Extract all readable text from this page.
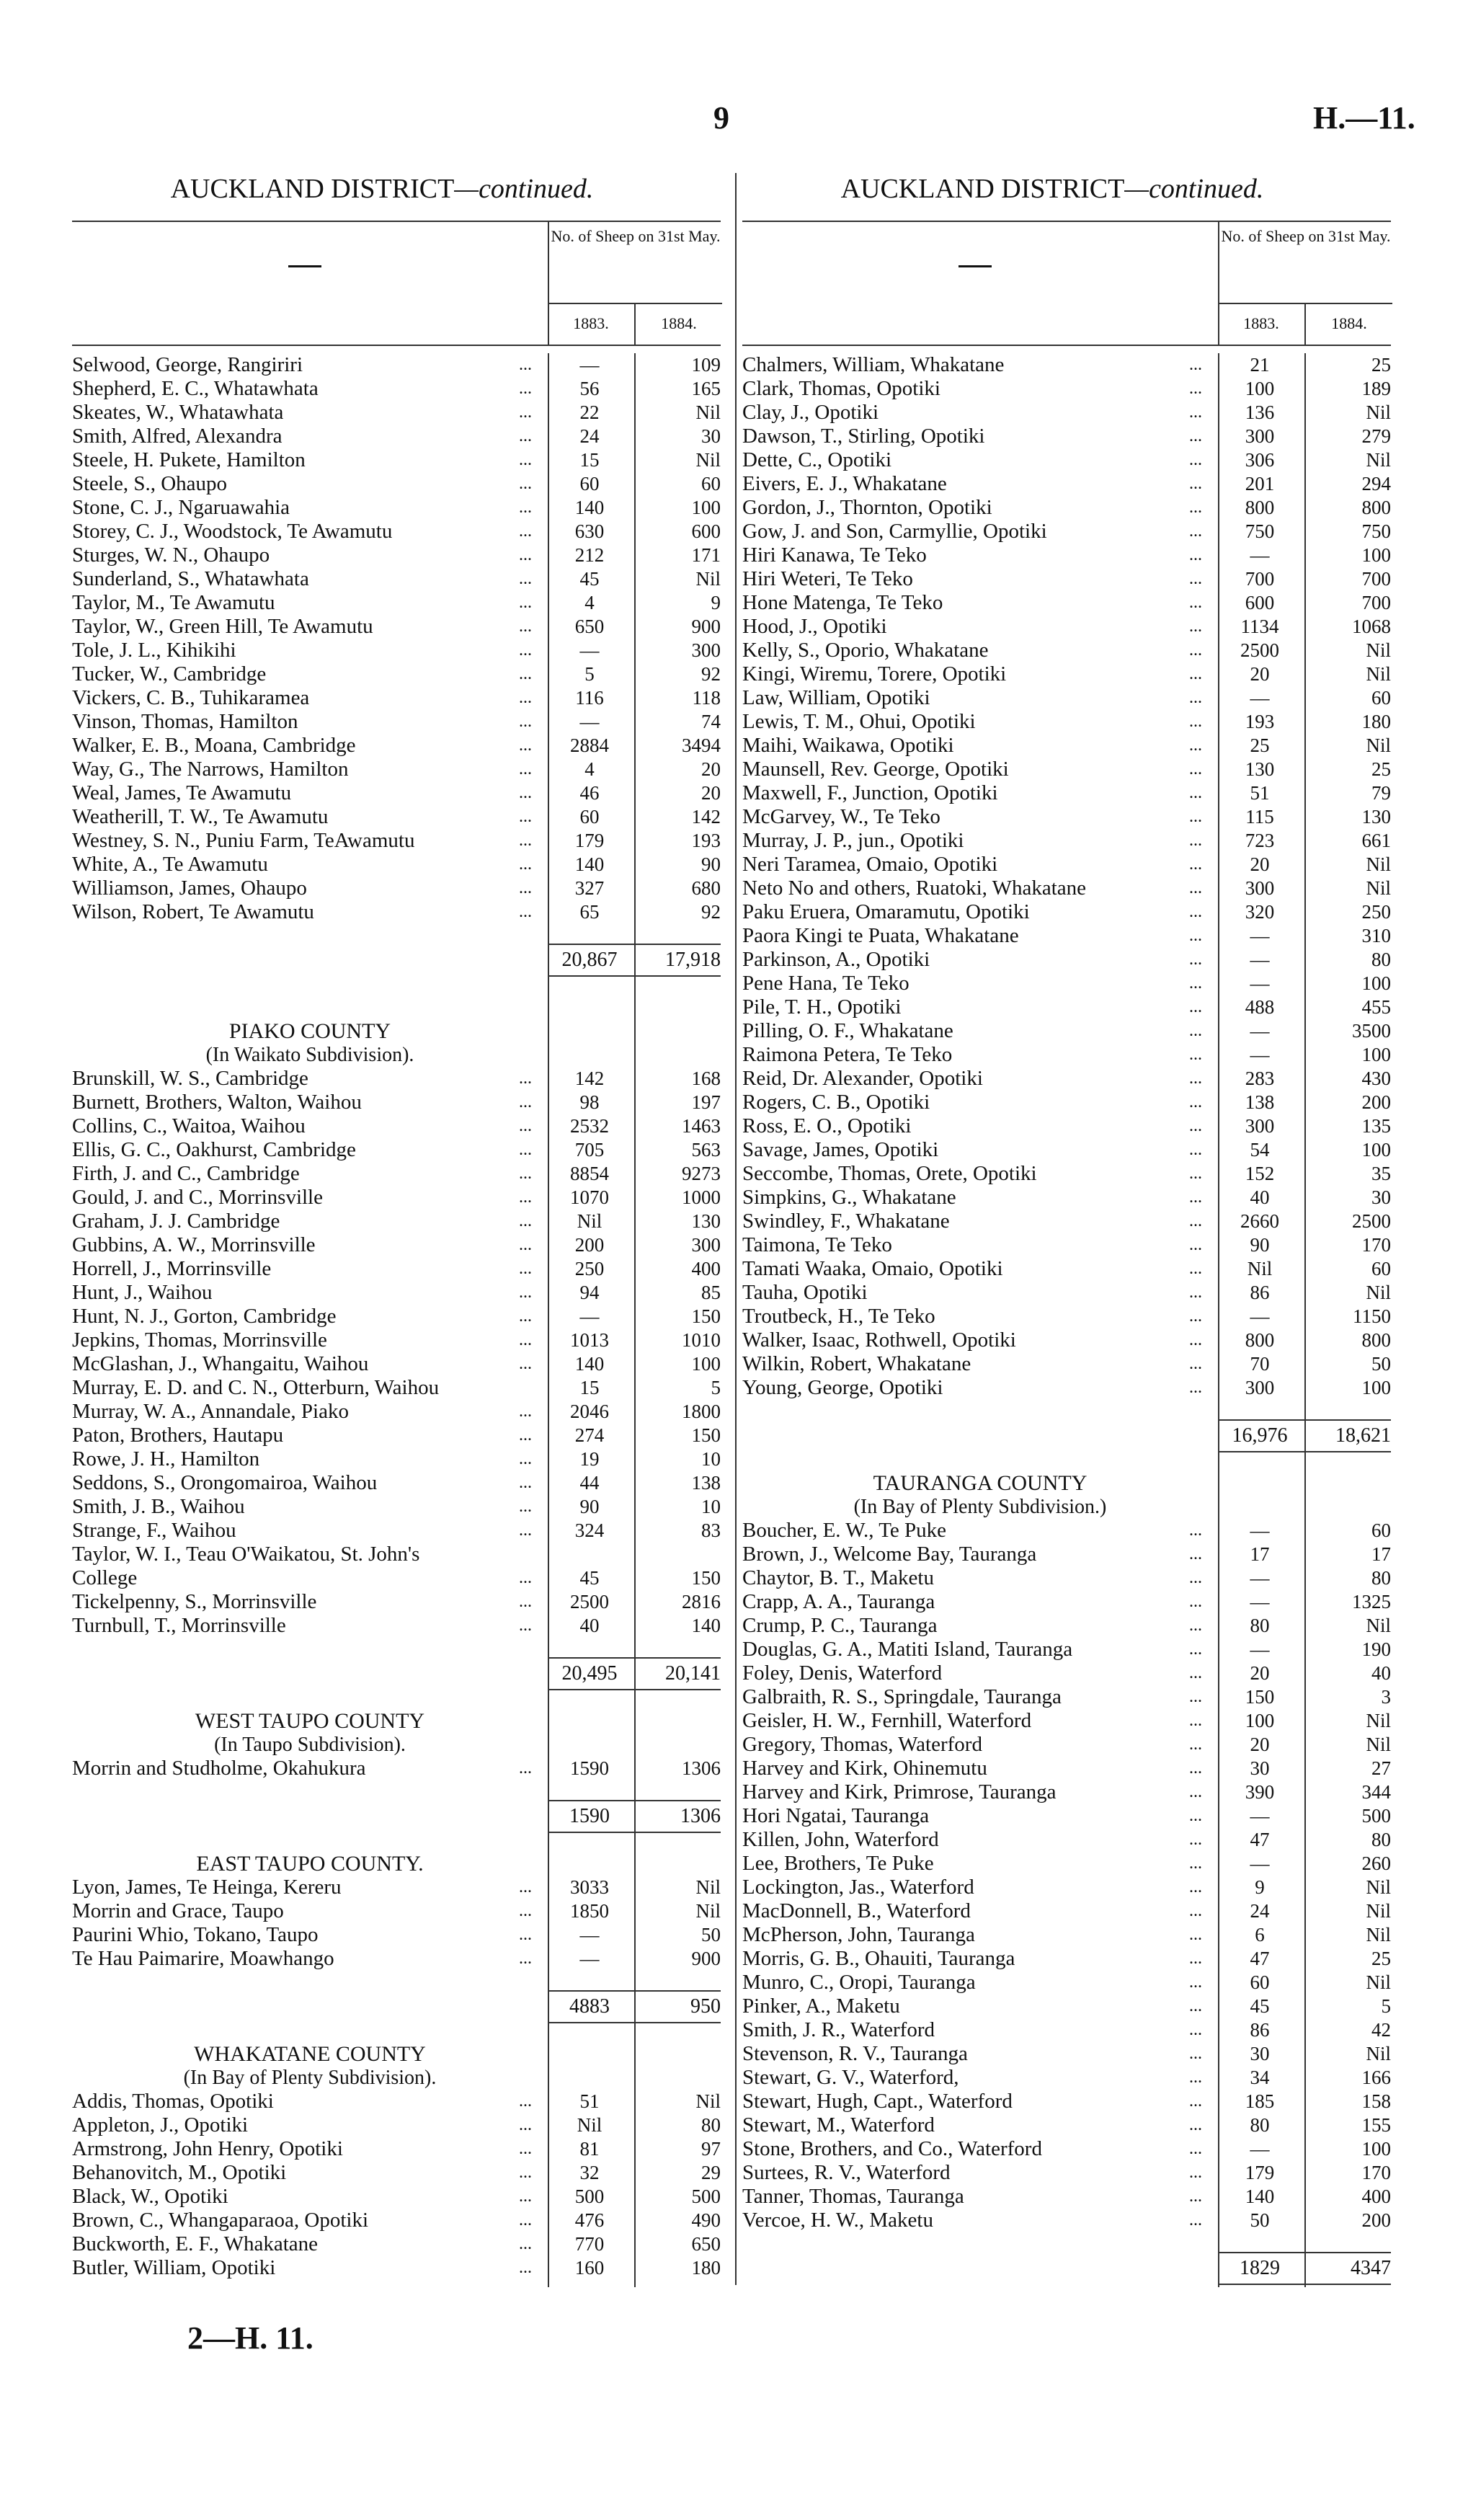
9	H.—11.
AUCKLAND DISTRICT—continued.
No. of Sheep on 31st May.
1883.	1884.
Selwood, George, Rangiriri	...	—	109
Shepherd, E. C., Whatawhata	...	56	165
Skeates, W., Whatawhata	...	22	Nil
Smith, Alfred, Alexandra	...	24	30
Steele, H. Pukete, Hamilton	...	15	Nil
Steele, S., Ohaupo	...	60	60
Stone, C. J., Ngaruawahia	...	140	100
Storey, C. J., Woodstock, Te Awamutu	...	630	600
Sturges, W. N., Ohaupo	...	212	171
Sunderland, S., Whatawhata	...	45	Nil
Taylor, M., Te Awamutu	...	4	9
Taylor, W., Green Hill, Te Awamutu	...	650	900
Tole, J. L., Kihikihi	...	—	300
Tucker, W., Cambridge	...	5	92
Vickers, C. B., Tuhikaramea	...	116	118
Vinson, Thomas, Hamilton	...	—	74
Walker, E. B., Moana, Cambridge	...	2884	3494
Way, G., The Narrows, Hamilton	...	4	20
Weal, James, Te Awamutu	...	46	20
Weatherill, T. W., Te Awamutu	...	60	142
Westney, S. N., Puniu Farm, TeAwamutu	...	179	193
White, A., Te Awamutu	...	140	90
Williamson, James, Ohaupo	...	327	680
Wilson, Robert, Te Awamutu	...	65	92
20,867	17,918
PIAKO COUNTY
(In Waikato Subdivision).
Brunskill, W. S., Cambridge	...	142	168
Burnett, Brothers, Walton, Waihou	...	98	197
Collins, C., Waitoa, Waihou	...	2532	1463
Ellis, G. C., Oakhurst, Cambridge	...	705	563
Firth, J. and C., Cambridge	...	8854	9273
Gould, J. and C., Morrinsville	...	1070	1000
Graham, J. J. Cambridge	...	Nil	130
Gubbins, A. W., Morrinsville	...	200	300
Horrell, J., Morrinsville	...	250	400
Hunt, J., Waihou	...	94	85
Hunt, N. J., Gorton, Cambridge	...	—	150
Jepkins, Thomas, Morrinsville	...	1013	1010
McGlashan, J., Whangaitu, Waihou	...	140	100
Murray, E. D. and C. N., Otterburn, Waihou	15	5
Murray, W. A., Annandale, Piako	...	2046	1800
Paton, Brothers, Hautapu	...	274	150
Rowe, J. H., Hamilton	...	19	10
Seddons, S., Orongomairoa, Waihou	...	44	138
Smith, J. B., Waihou	...	90	10
Strange, F., Waihou	...	324	83
Taylor, W. I., Teau O'Waikatou, St. John's
College	...	45	150
Tickelpenny, S., Morrinsville	...	2500	2816
Turnbull, T., Morrinsville	...	40	140
20,495	20,141
WEST TAUPO COUNTY
(In Taupo Subdivision).
Morrin and Studholme, Okahukura	...	1590	1306
1590	1306
EAST TAUPO COUNTY.
Lyon, James, Te Heinga, Kereru	...	3033	Nil
Morrin and Grace, Taupo	...	1850	Nil
Paurini Whio, Tokano, Taupo	...	—	50
Te Hau Paimarire, Moawhango	...	—	900
4883	950
WHAKATANE COUNTY
(In Bay of Plenty Subdivision).
Addis, Thomas, Opotiki	...	51	Nil
Appleton, J., Opotiki	...	Nil	80
Armstrong, John Henry, Opotiki	...	81	97
Behanovitch, M., Opotiki	...	32	29
Black, W., Opotiki	...	500	500
Brown, C., Whangaparaoa, Opotiki	...	476	490
Buckworth, E. F., Whakatane	...	770	650
Butler, William, Opotiki	...	160	180
AUCKLAND DISTRICT—continued.
No. of Sheep on 31st May.
1883.	1884.
Chalmers, William, Whakatane	...	21	25
Clark, Thomas, Opotiki	...	100	189
Clay, J., Opotiki	...	136	Nil
Dawson, T., Stirling, Opotiki	...	300	279
Dette, C., Opotiki	...	306	Nil
Eivers, E. J., Whakatane	...	201	294
Gordon, J., Thornton, Opotiki	...	800	800
Gow, J. and Son, Carmyllie, Opotiki	...	750	750
Hiri Kanawa, Te Teko	...	—	100
Hiri Weteri, Te Teko	...	700	700
Hone Matenga, Te Teko	...	600	700
Hood, J., Opotiki	...	1134	1068
Kelly, S., Oporio, Whakatane	...	2500	Nil
Kingi, Wiremu, Torere, Opotiki	...	20	Nil
Law, William, Opotiki	...	—	60
Lewis, T. M., Ohui, Opotiki	...	193	180
Maihi, Waikawa, Opotiki	...	25	Nil
Maunsell, Rev. George, Opotiki	...	130	25
Maxwell, F., Junction, Opotiki	...	51	79
McGarvey, W., Te Teko	...	115	130
Murray, J. P., jun., Opotiki	...	723	661
Neri Taramea, Omaio, Opotiki	...	20	Nil
Neto No and others, Ruatoki, Whakatane	...	300	Nil
Paku Eruera, Omaramutu, Opotiki	...	320	250
Paora Kingi te Puata, Whakatane	...	—	310
Parkinson, A., Opotiki	...	—	80
Pene Hana, Te Teko	...	—	100
Pile, T. H., Opotiki	...	488	455
Pilling, O. F., Whakatane	...	—	3500
Raimona Petera, Te Teko	...	—	100
Reid, Dr. Alexander, Opotiki	...	283	430
Rogers, C. B., Opotiki	...	138	200
Ross, E. O., Opotiki	...	300	135
Savage, James, Opotiki	...	54	100
Seccombe, Thomas, Orete, Opotiki	...	152	35
Simpkins, G., Whakatane	...	40	30
Swindley, F., Whakatane	...	2660	2500
Taimona, Te Teko	...	90	170
Tamati Waaka, Omaio, Opotiki	...	Nil	60
Tauha, Opotiki	...	86	Nil
Troutbeck, H., Te Teko	...	—	1150
Walker, Isaac, Rothwell, Opotiki	...	800	800
Wilkin, Robert, Whakatane	...	70	50
Young, George, Opotiki	...	300	100
16,976	18,621
TAURANGA COUNTY
(In Bay of Plenty Subdivision.)
Boucher, E. W., Te Puke	...	—	60
Brown, J., Welcome Bay, Tauranga	...	17	17
Chaytor, B. T., Maketu	...	—	80
Crapp, A. A., Tauranga	...	—	1325
Crump, P. C., Tauranga	...	80	Nil
Douglas, G. A., Matiti Island, Tauranga	...	—	190
Foley, Denis, Waterford	...	20	40
Galbraith, R. S., Springdale, Tauranga	...	150	3
Geisler, H. W., Fernhill, Waterford	...	100	Nil
Gregory, Thomas, Waterford	...	20	Nil
Harvey and Kirk, Ohinemutu	...	30	27
Harvey and Kirk, Primrose, Tauranga	...	390	344
Hori Ngatai, Tauranga	...	—	500
Killen, John, Waterford	...	47	80
Lee, Brothers, Te Puke	...	—	260
Lockington, Jas., Waterford	...	9	Nil
MacDonnell, B., Waterford	...	24	Nil
McPherson, John, Tauranga	...	6	Nil
Morris, G. B., Ohauiti, Tauranga	...	47	25
Munro, C., Oropi, Tauranga	...	60	Nil
Pinker, A., Maketu	...	45	5
Smith, J. R., Waterford	...	86	42
Stevenson, R. V., Tauranga	...	30	Nil
Stewart, G. V., Waterford,	...	34	166
Stewart, Hugh, Capt., Waterford	...	185	158
Stewart, M., Waterford	...	80	155
Stone, Brothers, and Co., Waterford	...	—	100
Surtees, R. V., Waterford	...	179	170
Tanner, Thomas, Tauranga	...	140	400
Vercoe, H. W., Maketu	...	50	200
1829	4347
2—H. 11.
